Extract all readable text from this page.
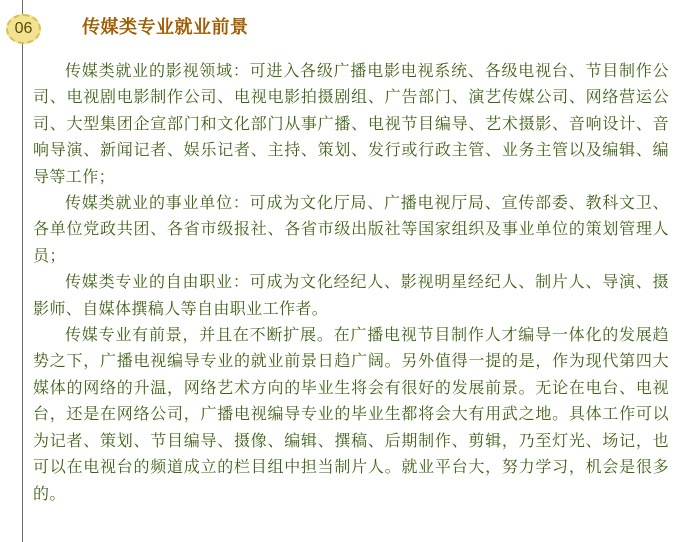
06	传媒类专业就业前景

传媒类就业的影视领域：可进入各级广播电影电视系统、各级电视台、节目制作公司、电视剧电影制作公司、电视电影拍摄剧组、广告部门、演艺传媒公司、网络营运公司、大型集团企宣部门和文化部门从事广播、电视节目编导、艺术摄影、音响设计、音响导演、新闻记者、娱乐记者、主持、策划、发行或行政主管、业务主管以及编辑、编导等工作；

传媒类就业的事业单位：可成为文化厅局、广播电视厅局、宣传部委、教科文卫、各单位党政共团、各省市级报社、各省市级出版社等国家组织及事业单位的策划管理人员；

传媒类专业的自由职业：可成为文化经纪人、影视明星经纪人、制片人、导演、摄影师、自媒体撰稿人等自由职业工作者。

传媒专业有前景，并且在不断扩展。在广播电视节目制作人才编导一体化的发展趋势之下，广播电视编导专业的就业前景日趋广阔。另外值得一提的是，作为现代第四大媒体的网络的升温，网络艺术方向的毕业生将会有很好的发展前景。无论在电台、电视台，还是在网络公司，广播电视编导专业的毕业生都将会大有用武之地。具体工作可以为记者、策划、节目编导、摄像、编辑、撰稿、后期制作、剪辑，乃至灯光、场记，也可以在电视台的频道成立的栏目组中担当制片人。就业平台大，努力学习，机会是很多的。
